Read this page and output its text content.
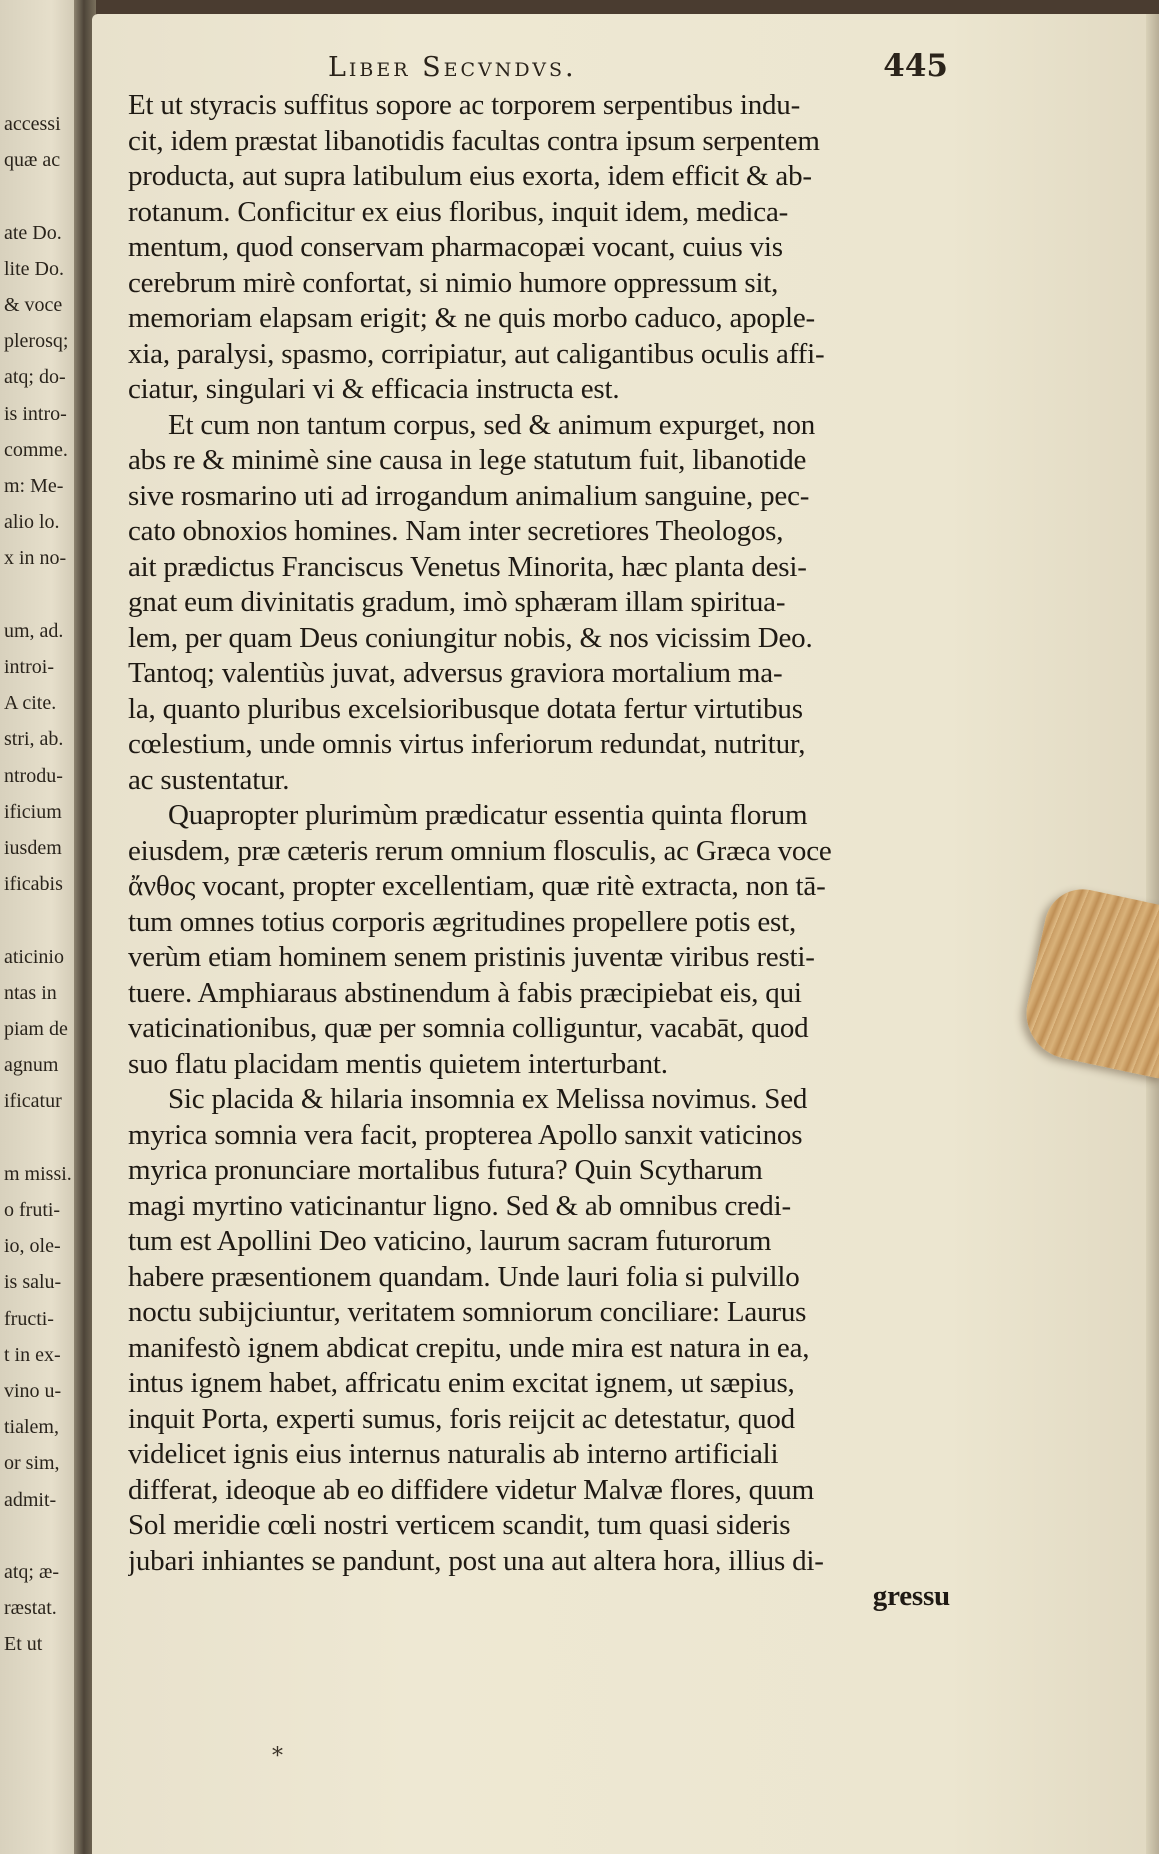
accessi
quæ ac
ate Do.
lite Do.
& voce
plerosq;
atq; do-
is intro-
comme.
m: Me-
alio lo.
x in no-
um, ad.
introi-
A cite.
stri, ab.
ntrodu-
ificium
iusdem
ificabis
aticinio
ntas in
piam de
agnum
ificatur
m missi.
o fruti-
io, ole-
is salu-
fructi-
t in ex-
vino u-
tialem,
or sim,
admit-
atq; æ-
ræstat.
Et ut
Liber Secvndvs.	445
Et ut styracis suffitus sopore ac torporem serpentibus indu-
cit, idem præstat libanotidis facultas contra ipsum serpentem
producta, aut supra latibulum eius exorta, idem efficit & ab-
rotanum. Conficitur ex eius floribus, inquit idem, medica-
mentum, quod conservam pharmacopæi vocant, cuius vis
cerebrum mirè confortat, si nimio humore oppressum sit,
memoriam elapsam erigit; & ne quis morbo caduco, apople-
xia, paralysi, spasmo, corripiatur, aut caligantibus oculis affi-
ciatur, singulari vi & efficacia instructa est.
Et cum non tantum corpus, sed & animum expurget, non
abs re & minimè sine causa in lege statutum fuit, libanotide
sive rosmarino uti ad irrogandum animalium sanguine, pec-
cato obnoxios homines. Nam inter secretiores Theologos,
ait prædictus Franciscus Venetus Minorita, hæc planta desi-
gnat eum divinitatis gradum, imò sphæram illam spiritua-
lem, per quam Deus coniungitur nobis, & nos vicissim Deo.
Tantoq; valentiùs juvat, adversus graviora mortalium ma-
la, quanto pluribus excelsioribusque dotata fertur virtutibus
cœlestium, unde omnis virtus inferiorum redundat, nutritur,
ac sustentatur.
Quapropter plurimùm prædicatur essentia quinta florum
eiusdem, præ cæteris rerum omnium flosculis, ac Græca voce
ἄνθος vocant, propter excellentiam, quæ ritè extracta, non tā-
tum omnes totius corporis ægritudines propellere potis est,
verùm etiam hominem senem pristinis juventæ viribus resti-
tuere. Amphiaraus abstinendum à fabis præcipiebat eis, qui
vaticinationibus, quæ per somnia colliguntur, vacabāt, quod
suo flatu placidam mentis quietem interturbant.
Sic placida & hilaria insomnia ex Melissa novimus. Sed
myrica somnia vera facit, propterea Apollo sanxit vaticinos
myrica pronunciare mortalibus futura? Quin Scytharum
magi myrtino vaticinantur ligno. Sed & ab omnibus credi-
tum est Apollini Deo vaticino, laurum sacram futurorum
habere præsentionem quandam. Unde lauri folia si pulvillo
noctu subijciuntur, veritatem somniorum conciliare: Laurus
manifestò ignem abdicat crepitu, unde mira est natura in ea,
intus ignem habet, affricatu enim excitat ignem, ut sæpius,
inquit Porta, experti sumus, foris reijcit ac detestatur, quod
videlicet ignis eius internus naturalis ab interno artificiali
differat, ideoque ab eo diffidere videtur Malvæ flores, quum
Sol meridie cœli nostri verticem scandit, tum quasi sideris
jubari inhiantes se pandunt, post una aut altera hora, illius di-
gressu
*
